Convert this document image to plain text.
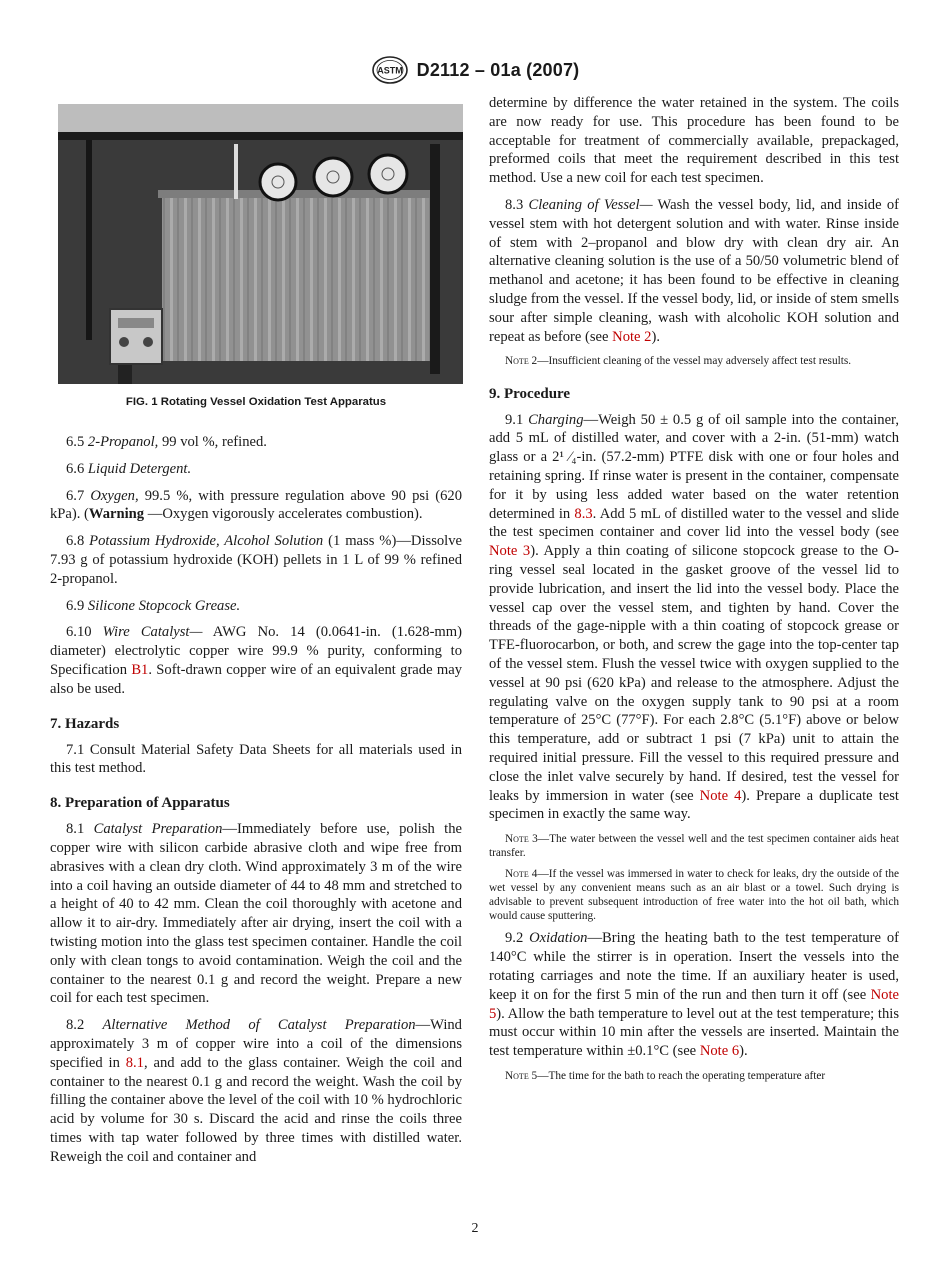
ASTM D2112 – 01a (2007)
FIG. 1 Rotating Vessel Oxidation Test Apparatus

6.5 2-Propanol, 99 vol %, refined.

6.6 Liquid Detergent.

6.7 Oxygen, 99.5 %, with pressure regulation above 90 psi (620 kPa). (Warning —Oxygen vigorously accelerates combustion).

6.8 Potassium Hydroxide, Alcohol Solution (1 mass %)—Dissolve 7.93 g of potassium hydroxide (KOH) pellets in 1 L of 99 % refined 2-propanol.

6.9 Silicone Stopcock Grease.

6.10 Wire Catalyst— AWG No. 14 (0.0641-in. (1.628-mm) diameter) electrolytic copper wire 99.9 % purity, conforming to Specification B1. Soft-drawn copper wire of an equivalent grade may also be used.

7. Hazards

7.1 Consult Material Safety Data Sheets for all materials used in this test method.

8. Preparation of Apparatus

8.1 Catalyst Preparation—Immediately before use, polish the copper wire with silicon carbide abrasive cloth and wipe free from abrasives with a clean dry cloth. Wind approximately 3 m of the wire into a coil having an outside diameter of 44 to 48 mm and stretched to a height of 40 to 42 mm. Clean the coil thoroughly with acetone and allow it to air-dry. Immediately after air drying, insert the coil with a twisting motion into the glass test specimen container. Handle the coil only with clean tongs to avoid contamination. Weigh the coil and the container to the nearest 0.1 g and record the weight. Prepare a new coil for each test specimen.

8.2 Alternative Method of Catalyst Preparation—Wind approximately 3 m of copper wire into a coil of the dimensions specified in 8.1, and add to the glass container. Weigh the coil and container to the nearest 0.1 g and record the weight. Wash the coil by filling the container above the level of the coil with 10 % hydrochloric acid by volume for 30 s. Discard the acid and rinse the coils three times with tap water followed by three times with distilled water. Reweigh the coil and container and

determine by difference the water retained in the system. The coils are now ready for use. This procedure has been found to be acceptable for treatment of commercially available, prepackaged, preformed coils that meet the requirement described in this test method. Use a new coil for each test specimen.

8.3 Cleaning of Vessel— Wash the vessel body, lid, and inside of vessel stem with hot detergent solution and with water. Rinse inside of stem with 2–propanol and blow dry with clean dry air. An alternative cleaning solution is the use of a 50/50 volumetric blend of methanol and acetone; it has been found to be effective in cleaning sludge from the vessel. If the vessel body, lid, or inside of stem smells sour after simple cleaning, wash with alcoholic KOH solution and repeat as before (see Note 2).

Note 2—Insufficient cleaning of the vessel may adversely affect test results.

9. Procedure

9.1 Charging—Weigh 50 ± 0.5 g of oil sample into the container, add 5 mL of distilled water, and cover with a 2-in. (51-mm) watch glass or a 2¹ ⁄₄-in. (57.2-mm) PTFE disk with one or four holes and retaining spring. If rinse water is present in the container, compensate for it by using less added water based on the water retention determined in 8.3. Add 5 mL of distilled water to the vessel and slide the test specimen container and cover lid into the vessel body (see Note 3). Apply a thin coating of silicone stopcock grease to the O-ring vessel seal located in the gasket groove of the vessel lid to provide lubrication, and insert the lid into the vessel body. Place the vessel cap over the vessel stem, and tighten by hand. Cover the threads of the gage-nipple with a thin coating of stopcock grease or TFE-fluorocarbon, or both, and screw the gage into the top-center tap of the vessel stem. Flush the vessel twice with oxygen supplied to the vessel at 90 psi (620 kPa) and release to the atmosphere. Adjust the regulating valve on the oxygen supply tank to 90 psi at a room temperature of 25°C (77°F). For each 2.8°C (5.1°F) above or below this temperature, add or subtract 1 psi (7 kPa) unit to attain the required initial pressure. Fill the vessel to this required pressure and close the inlet valve securely by hand. If desired, test the vessel for leaks by immersion in water (see Note 4). Prepare a duplicate test specimen in exactly the same way.

Note 3—The water between the vessel well and the test specimen container aids heat transfer.

Note 4—If the vessel was immersed in water to check for leaks, dry the outside of the wet vessel by any convenient means such as an air blast or a towel. Such drying is advisable to prevent subsequent introduction of free water into the hot oil bath, which would cause sputtering.

9.2 Oxidation—Bring the heating bath to the test temperature of 140°C while the stirrer is in operation. Insert the vessels into the rotating carriages and note the time. If an auxiliary heater is used, keep it on for the first 5 min of the run and then turn it off (see Note 5). Allow the bath temperature to level out at the test temperature; this must occur within 10 min after the vessels are inserted. Maintain the test temperature within ±0.1°C (see Note 6).

Note 5—The time for the bath to reach the operating temperature after

2
